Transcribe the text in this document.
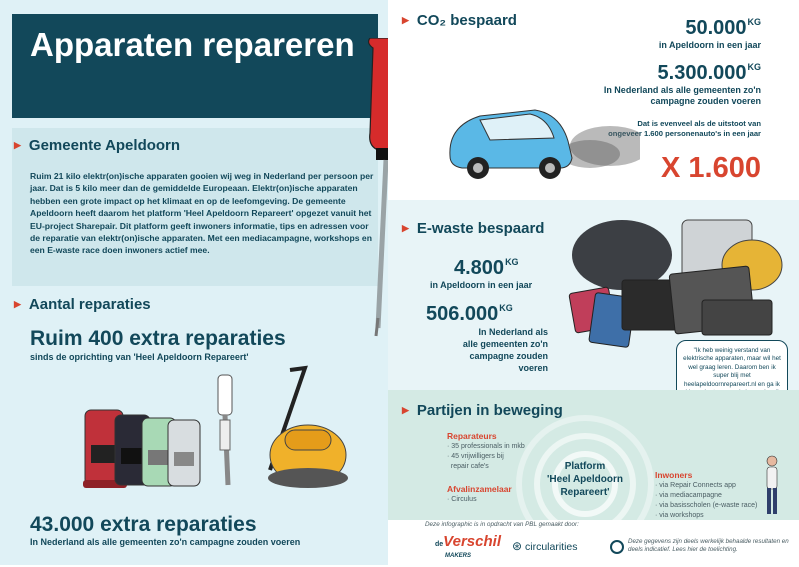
Apparaten repareren
▶ Gemeente Apeldoorn
Ruim 21 kilo elektr(on)ische apparaten gooien wij weg in Nederland per persoon per jaar. Dat is 5 kilo meer dan de gemiddelde Europeaan. Elektr(on)ische apparaten hebben een grote impact op het klimaat en op de leefomgeving. De gemeente Apeldoorn heeft daarom het platform 'Heel Apeldoorn Repareert' opgezet vanuit het EU-project Sharepair. Dit platform geeft inwoners informatie, tips en adressen voor de reparatie van elektr(on)ische apparaten. Met een mediacampagne, workshops en een E-waste race doen inwoners actief mee.
▶ Aantal reparaties
Ruim 400 extra reparaties
sinds de oprichting van 'Heel Apeldoorn Repareert'
43.000 extra reparaties
In Nederland als alle gemeenten zo'n campagne zouden voeren
▶ CO₂ bespaard	$50.000^{KG}$
in Apeldoorn in een jaar
$5.300.000^{KG}$
In Nederland als alle gemeenten zo'n
campagne zouden voeren
Dat is evenveel als de uitstoot van
ongeveer 1.600 personenauto's in een jaar
X 1.600
▶ E-waste bespaard
$4.800^{KG}$
in Apeldoorn in een jaar
$506.000^{KG}$
In Nederland als
alle gemeenten zo'n
campagne zouden voeren
"Ik heb weinig verstand van elektrische apparaten, maar wil het wel graag leren. Daarom ben ik super blij met heelapeldoornrepareert.nl en ga ik
▶ Partijen in beweging
Reparateurs
· 35 professionals in mkb
· 45 vrijwilligers bij
repair cafe's
Afvalinzamelaar
· Circulus
Platform
'Heel Apeldoorn
Repareert'
Inwoners
· via Repair Connects app
· via mediacampagne
· via basisscholen (e-waste race)
· via workshops
Deze infographic is in opdracht van PBL gemaakt door:
deVerschil
$^{MAKERS}$
⊛ circularities	Deze gegevens zijn deels werkelijk behaalde resultaten en deels indicatief. Lees hier de toelichting.
